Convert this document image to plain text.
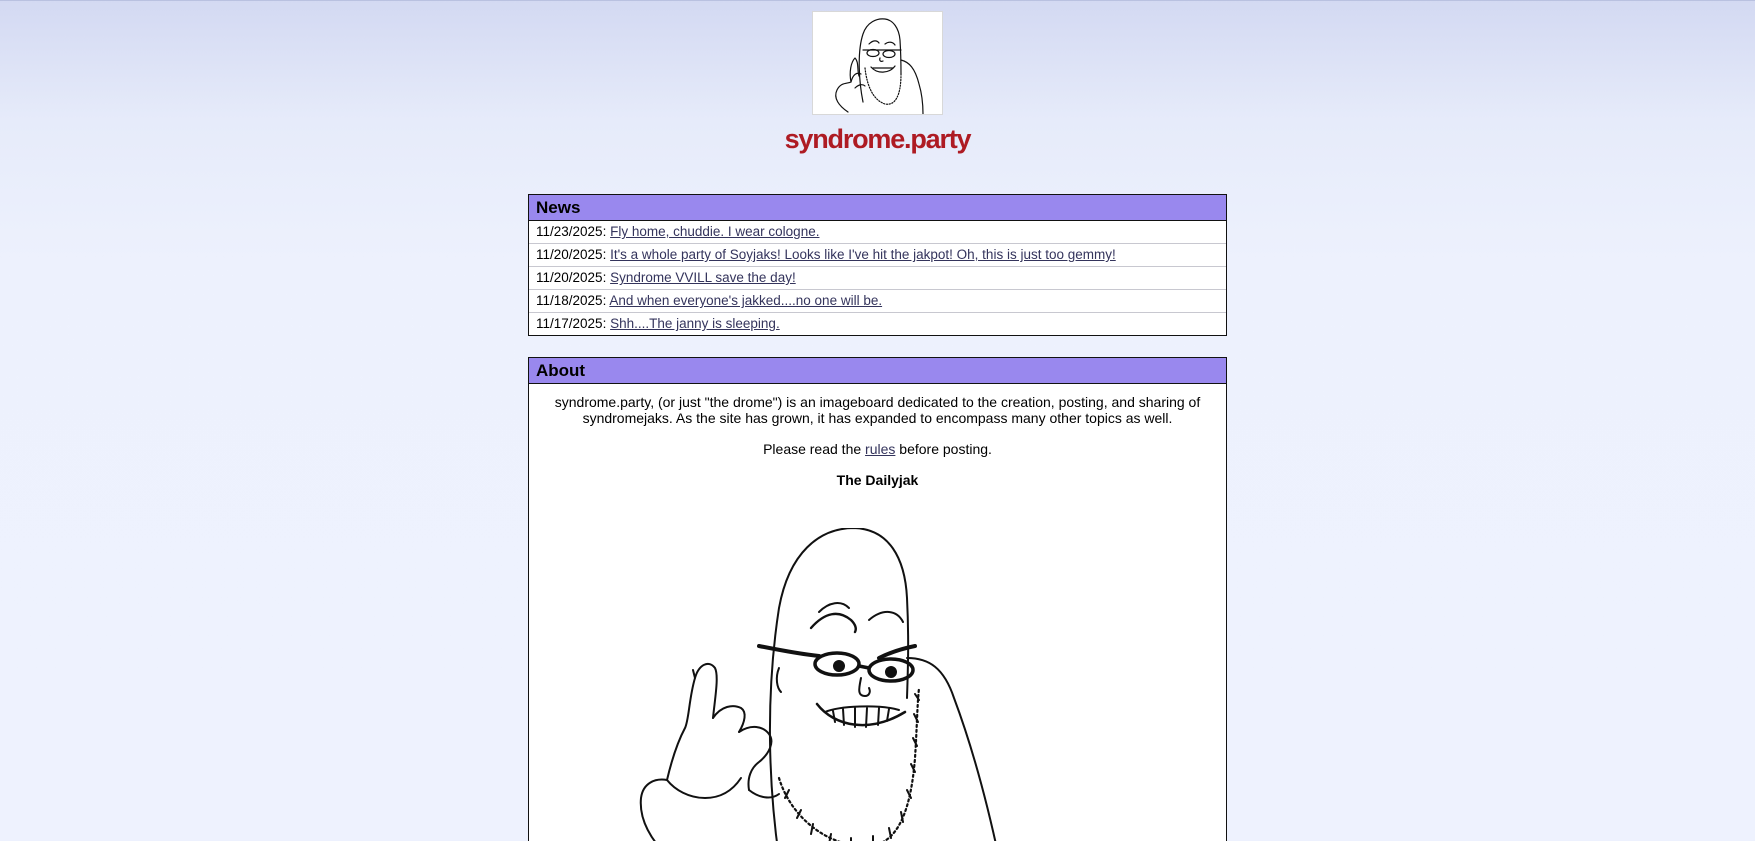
syndrome.party
News
11/23/2025: Fly home, chuddie. I wear cologne.
11/20/2025: It's a whole party of Soyjaks! Looks like I've hit the jakpot! Oh, this is just too gemmy!
11/20/2025: Syndrome VVILL save the day!
11/18/2025: And when everyone's jakked....no one will be.
11/17/2025: Shh....The janny is sleeping.
About

syndrome.party, (or just "the drome") is an imageboard dedicated to the creation, posting, and sharing of syndromejaks. As the site has grown, it has expanded to encompass many other topics as well.

Please read the rules before posting.

The Dailyjak
